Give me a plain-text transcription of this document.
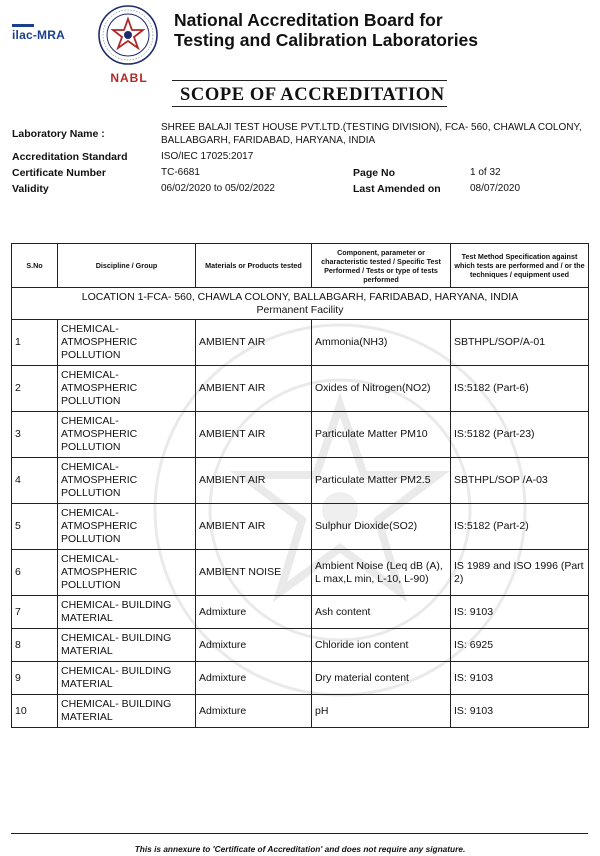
ilac-MRA
NABL
National Accreditation Board for
Testing and Calibration Laboratories
SCOPE OF ACCREDITATION
Laboratory Name :
SHREE BALAJI TEST HOUSE PVT.LTD.(TESTING DIVISION), FCA- 560, CHAWLA COLONY,
BALLABGARH, FARIDABAD, HARYANA, INDIA
Accreditation Standard	ISO/IEC 17025:2017
Certificate Number	TC-6681	Page No	1 of 32
Validity	06/02/2020 to 05/02/2022	Last Amended on	08/07/2020
S.No	Discipline / Group	Materials or Products tested	Component, parameter or characteristic tested / Specific Test Performed / Tests or type of tests performed	Test Method Specification against which tests are performed and / or the techniques / equipment used

LOCATION 1-FCA- 560, CHAWLA COLONY, BALLABGARH, FARIDABAD, HARYANA, INDIA
Permanent Facility				

1	CHEMICAL- ATMOSPHERIC POLLUTION	AMBIENT AIR	Ammonia(NH3)	SBTHPL/SOP/A-01
2	CHEMICAL- ATMOSPHERIC POLLUTION	AMBIENT AIR	Oxides of Nitrogen(NO2)	IS:5182 (Part-6)
3	CHEMICAL- ATMOSPHERIC POLLUTION	AMBIENT AIR	Particulate Matter PM10	IS:5182 (Part-23)
4	CHEMICAL- ATMOSPHERIC POLLUTION	AMBIENT AIR	Particulate Matter PM2.5	SBTHPL/SOP /A-03
5	CHEMICAL- ATMOSPHERIC POLLUTION	AMBIENT AIR	Sulphur Dioxide(SO2)	IS:5182 (Part-2)
6	CHEMICAL- ATMOSPHERIC POLLUTION	AMBIENT NOISE	Ambient Noise (Leq dB (A), L max,L min, L-10, L-90)	IS 1989 and ISO 1996 (Part 2)
7	CHEMICAL- BUILDING MATERIAL	Admixture	Ash content	IS: 9103
8	CHEMICAL- BUILDING MATERIAL	Admixture	Chloride ion content	IS: 6925
9	CHEMICAL- BUILDING MATERIAL	Admixture	Dry material content	IS: 9103
10	CHEMICAL- BUILDING MATERIAL	Admixture	pH	IS: 9103
This is annexure to 'Certificate of Accreditation' and does not require any signature.
